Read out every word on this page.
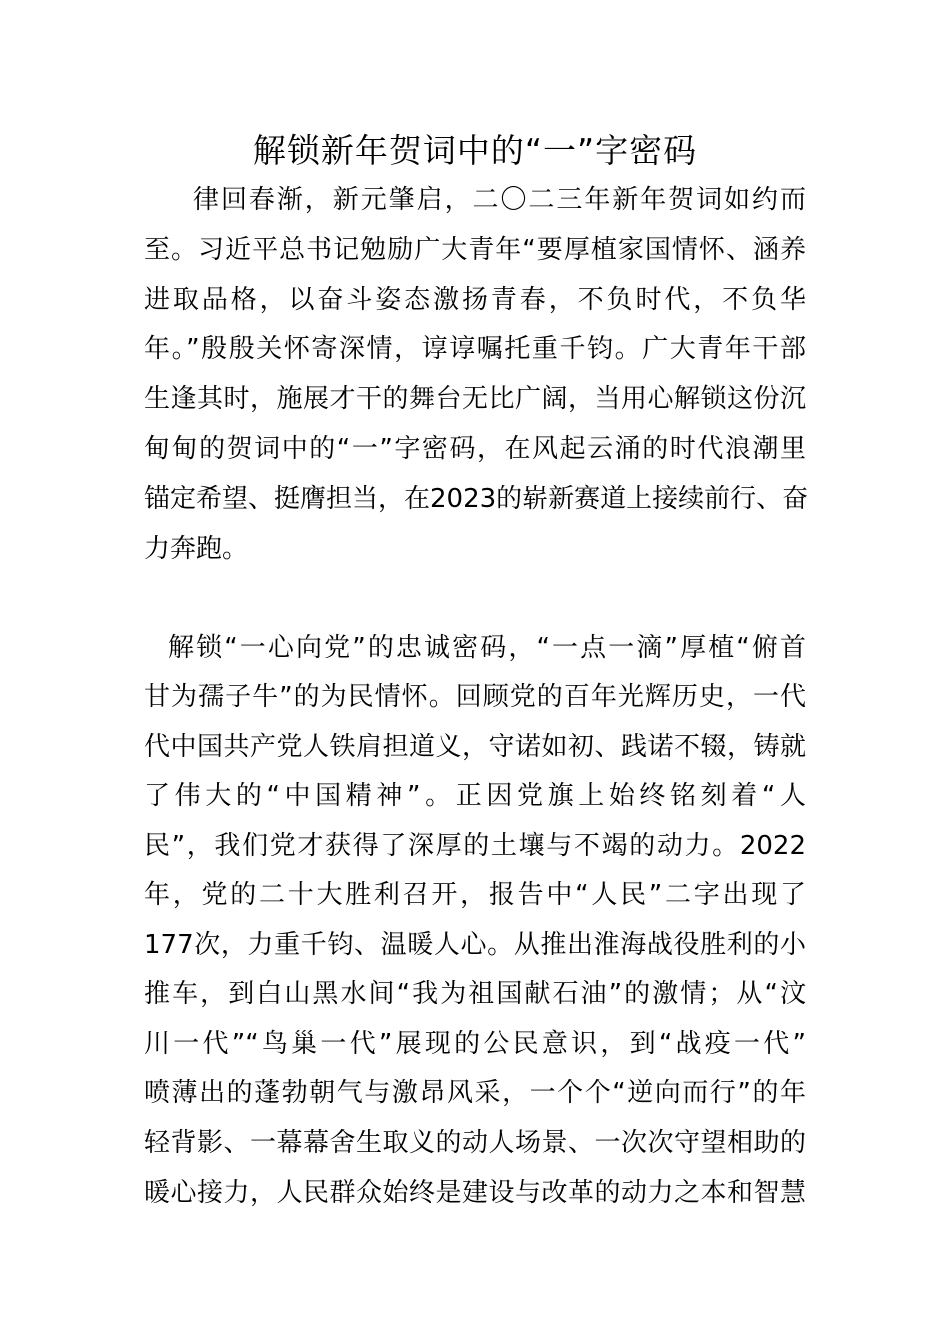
解锁新年贺词中的“一”字密码

律回春渐，新元肇启，二〇二三年新年贺词如约而

至。习近平总书记勉励广大青年“要厚植家国情怀、涵养

进取品格，以奋斗姿态激扬青春，不负时代，不负华

年。”殷殷关怀寄深情，谆谆嘱托重千钧。广大青年干部

生逢其时，施展才干的舞台无比广阔，当用心解锁这份沉

甸甸的贺词中的“一”字密码，在风起云涌的时代浪潮里

锚定希望、挺膺担当，在2023的崭新赛道上接续前行、奋

力奔跑。

解锁“一心向党”的忠诚密码，“一点一滴”厚植“俯首

甘为孺子牛”的为民情怀。回顾党的百年光辉历史，一代

代中国共产党人铁肩担道义，守诺如初、践诺不辍，铸就

了伟大的“中国精神”。正因党旗上始终铭刻着“人

民”，我们党才获得了深厚的土壤与不竭的动力。2022

年，党的二十大胜利召开，报告中“人民”二字出现了

177次，力重千钧、温暖人心。从推出淮海战役胜利的小

推车，到白山黑水间“我为祖国献石油”的激情；从“汶

川一代”“鸟巢一代”展现的公民意识，到“战疫一代”

喷薄出的蓬勃朝气与激昂风采，一个个“逆向而行”的年

轻背影、一幕幕舍生取义的动人场景、一次次守望相助的

暖心接力，人民群众始终是建设与改革的动力之本和智慧
